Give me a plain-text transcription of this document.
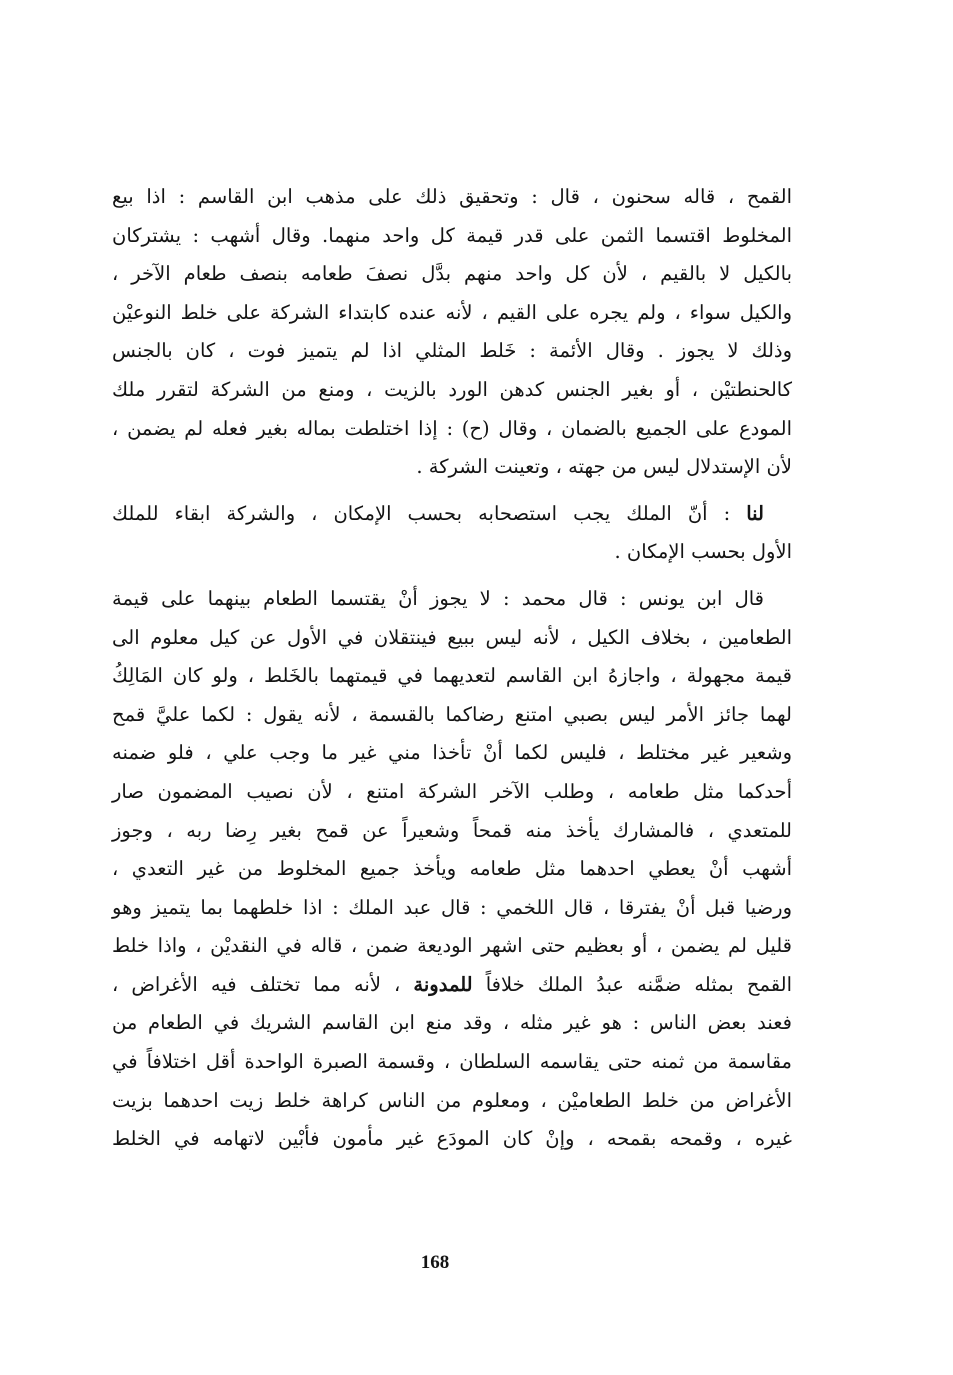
القمح ، قاله سحنون ، قال : وتحقيق ذلك على مذهب ابن القاسم : اذا بيع
المخلوط اقتسما الثمن على قدر قيمة كل واحد منهما. وقال أشهب : يشتركان
بالكيل لا بالقيم ، لأن كل واحد منهم بدَّل نصفَ طعامه بنصف طعام الآخر ،
والكيل سواء ، ولم يجره على القيم ، لأنه عنده كابتداء الشركة على خلط النوعيْن
وذلك لا يجوز . وقال الأئمة : خَلط المثلي اذا لم يتميز فوت ، كان بالجنس
كالحنطتيْن ، أو بغير الجنس كدهن الورد بالزيت ، ومنع من الشركة لتقرر ملك
المودع على الجميع بالضمان ، وقال (ح) : إذا اختلطت بماله بغير فعله لم يضمن ،
لأن الإستدلال ليس من جهته ، وتعينت الشركة .
لنا : أنّ الملك يجب استصحابه بحسب الإمكان ، والشركة ابقاء للملك
الأول بحسب الإمكان .
قال ابن يونس : قال محمد : لا يجوز أنْ يقتسما الطعام بينهما على قيمة
الطعامين ، بخلاف الكيل ، لأنه ليس ببيع فينتقلان في الأول عن كيل معلوم الى
قيمة مجهولة ، واجازهُ ابن القاسم لتعديهما في قيمتهما بالخَلط ، ولو كان المَالِكُ
لهما جائز الأمر ليس بصبي امتنع رضاكما بالقسمة ، لأنه يقول : لكما عليَّ قمح
وشعير غير مختلط ، فليس لكما أنْ تأخذا مني غير ما وجب علي ، فلو ضمنه
أحدكما مثل طعامه ، وطلب الآخر الشركة امتنع ، لأن نصيب المضمون صار
للمتعدي ، فالمشارك يأخذ منه قمحاً وشعيراً عن قمح بغير رِضا ربه ، وجوز
أشهب أنْ يعطي احدهما مثل طعامه ويأخذ جميع المخلوط من غير التعدي ،
ورضيا قبل أنْ يفترقا ، قال اللخمي : قال عبد الملك : اذا خلطهما بما يتميز وهو
قليل لم يضمن ، أو بعظيم حتى اشهر الوديعة ضمن ، قاله في النقديْن ، واذا خلط
القمح بمثله ضمَّنه عبدُ الملك خلافاً للمدونة ، لأنه مما تختلف فيه الأغراض ،
فعند بعض الناس : هو غير مثله ، وقد منع ابن القاسم الشريك في الطعام من
مقاسمة من ثمنه حتى يقاسمه السلطان ، وقسمة الصبرة الواحدة أقل اختلافاً في
الأغراض من خلط الطعاميْن ، ومعلوم من الناس كراهة خلط زيت احدهما بزيت
غيره ، وقمحه بقمحه ، وإنْ كان المودَع غير مأمون فأبْين لاتهامه في الخلط
168
